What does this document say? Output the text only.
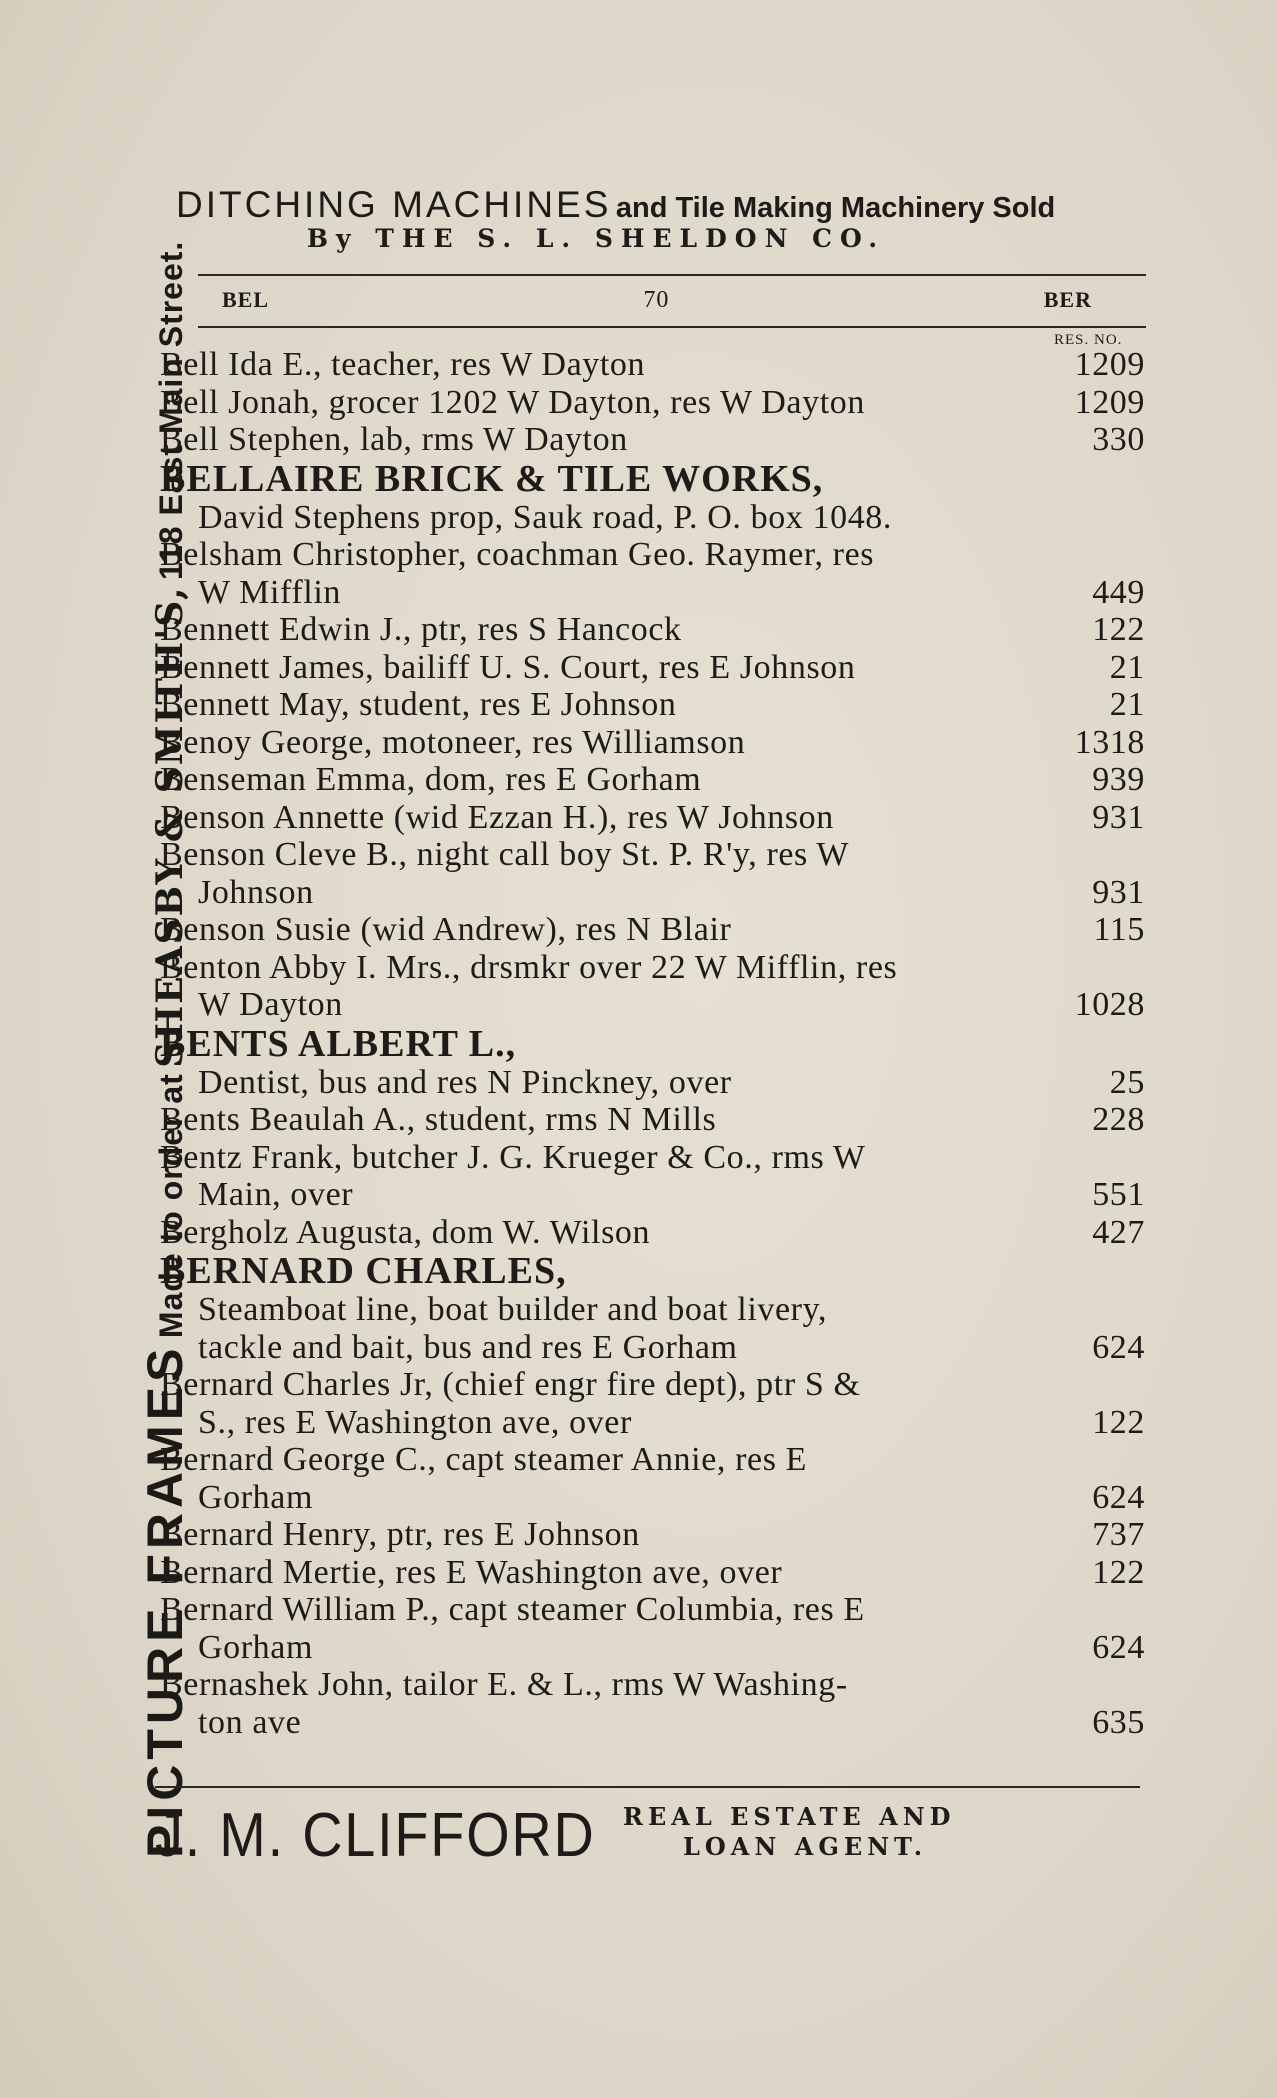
PICTURE FRAMES Made to order at SHEASBY & SMITH'S, 118 East Main Street.
DITCHING MACHINES and Tile Making Machinery Sold
By THE S. L. SHELDON CO.
BEL	70	BER
RES. NO.
Bell Ida E., teacher, res W Dayton	1209
Bell Jonah, grocer 1202 W Dayton, res W Dayton	1209
Bell Stephen, lab, rms W Dayton	330
BELLAIRE BRICK & TILE WORKS,
David Stephens prop, Sauk road, P. O. box 1048.
Belsham Christopher, coachman Geo. Raymer, res
W Mifflin	449
Bennett Edwin J., ptr, res S Hancock	122
Bennett James, bailiff U. S. Court, res E Johnson	21
Bennett May, student, res E Johnson	21
Benoy George, motoneer, res Williamson	1318
Benseman Emma, dom, res E Gorham	939
Benson Annette (wid Ezzan H.), res W Johnson	931
Benson Cleve B., night call boy St. P. R'y, res W
Johnson	931
Benson Susie (wid Andrew), res N Blair	115
Benton Abby I. Mrs., drsmkr over 22 W Mifflin, res
W Dayton	1028
BENTS ALBERT L.,
Dentist, bus and res N Pinckney, over	25
Bents Beaulah A., student, rms N Mills	228
Bentz Frank, butcher J. G. Krueger & Co., rms W
Main, over	551
Bergholz Augusta, dom W. Wilson	427
BERNARD CHARLES,
Steamboat line, boat builder and boat livery,
tackle and bait, bus and res E Gorham	624
Bernard Charles Jr, (chief engr fire dept), ptr S &
S., res E Washington ave, over	122
Bernard George C., capt steamer Annie, res E
Gorham	624
Bernard Henry, ptr, res E Johnson	737
Bernard Mertie, res E Washington ave, over	122
Bernard William P., capt steamer Columbia, res E
Gorham	624
Bernashek John, tailor E. & L., rms W Washing-
ton ave	635
J. M. CLIFFORD REAL ESTATE AND
LOAN AGENT.
